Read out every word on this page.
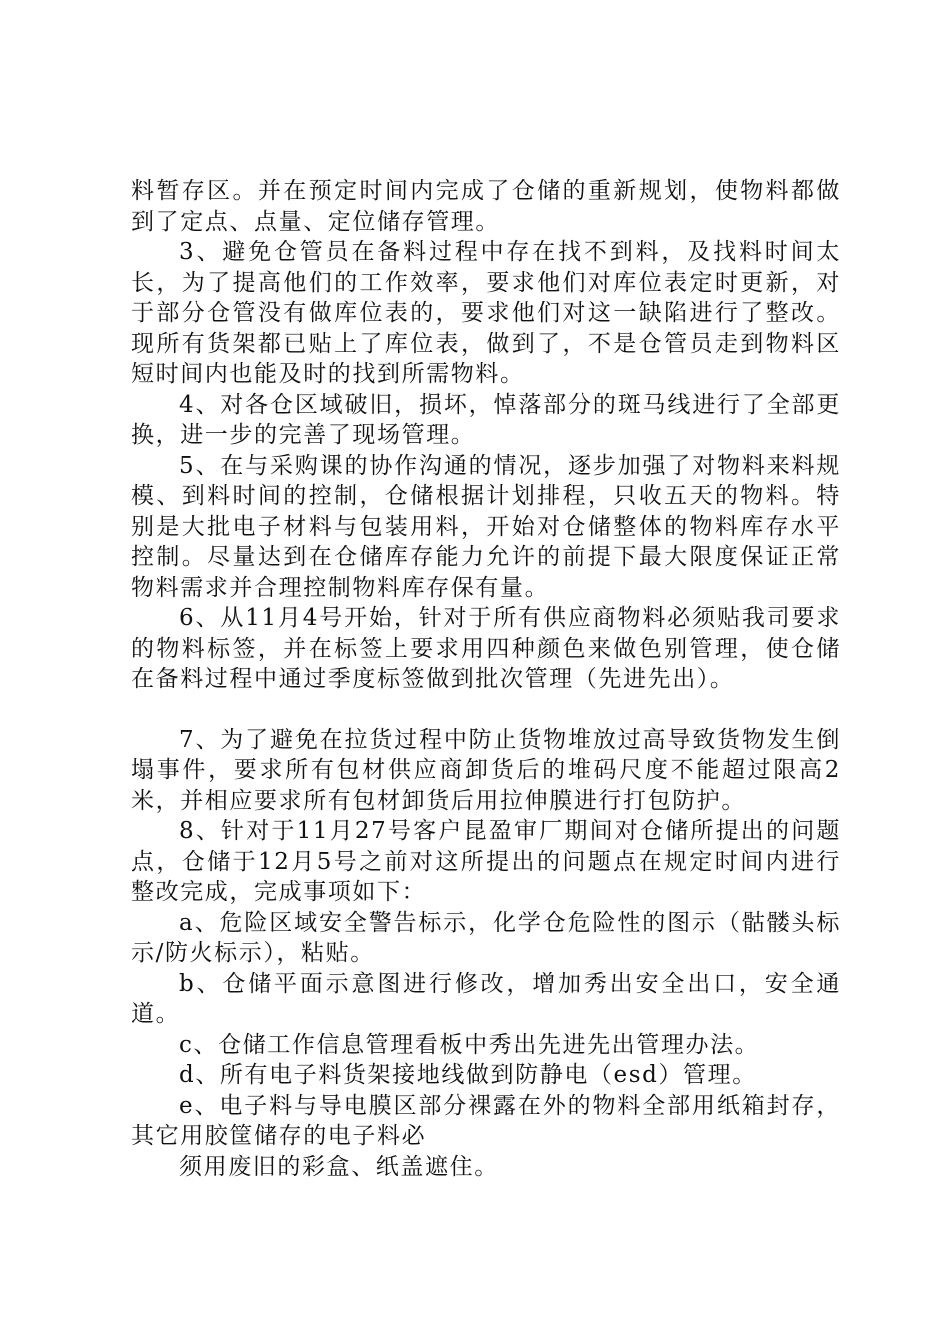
料暂存区。并在预定时间内完成了仓储的重新规划，使物料都做到了定点、点量、定位储存管理。

3、避免仓管员在备料过程中存在找不到料，及找料时间太长，为了提高他们的工作效率，要求他们对库位表定时更新，对于部分仓管没有做库位表的，要求他们对这一缺陷进行了整改。现所有货架都已贴上了库位表，做到了，不是仓管员走到物料区短时间内也能及时的找到所需物料。

4、对各仓区域破旧，损坏，悼落部分的斑马线进行了全部更换，进一步的完善了现场管理。

5、在与采购课的协作沟通的情况，逐步加强了对物料来料规模、到料时间的控制，仓储根据计划排程，只收五天的物料。特别是大批电子材料与包装用料，开始对仓储整体的物料库存水平控制。尽量达到在仓储库存能力允许的前提下最大限度保证正常物料需求并合理控制物料库存保有量。

6、从11月4号开始，针对于所有供应商物料必须贴我司要求的物料标签，并在标签上要求用四种颜色来做色别管理，使仓储在备料过程中通过季度标签做到批次管理（先进先出）。

7、为了避免在拉货过程中防止货物堆放过高导致货物发生倒塌事件，要求所有包材供应商卸货后的堆码尺度不能超过限高2米，并相应要求所有包材卸货后用拉伸膜进行打包防护。

8、针对于11月27号客户昆盈审厂期间对仓储所提出的问题点，仓储于12月5号之前对这所提出的问题点在规定时间内进行整改完成，完成事项如下：

a、危险区域安全警告标示，化学仓危险性的图示（骷髅头标示/防火标示），粘贴。

b、仓储平面示意图进行修改，增加秀出安全出口，安全通道。

c、仓储工作信息管理看板中秀出先进先出管理办法。

d、所有电子料货架接地线做到防静电（esd）管理。

e、电子料与导电膜区部分裸露在外的物料全部用纸箱封存，其它用胶筐储存的电子料必

须用废旧的彩盒、纸盖遮住。
